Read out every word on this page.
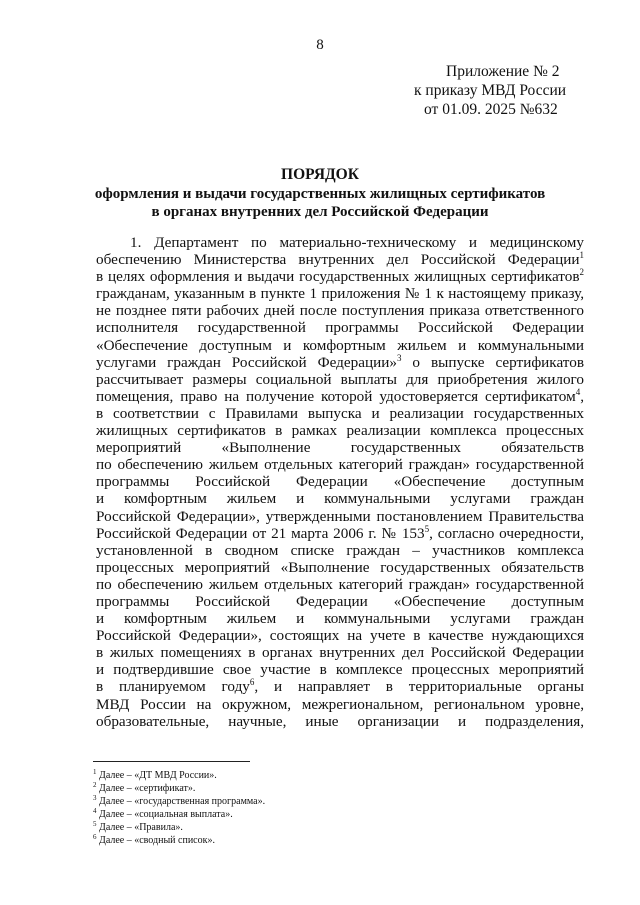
8
Приложение № 2
к приказу МВД России
от 01.09. 2025 №632
ПОРЯДОК
оформления и выдачи государственных жилищных сертификатов
в органах внутренних дел Российской Федерации
1. Департамент по материально-техническому и медицинскому
обеспечению Министерства внутренних дел Российской Федерации$^1$
в целях оформления и выдачи государственных жилищных сертификатов$^2$
гражданам, указанным в пункте 1 приложения № 1 к настоящему приказу,
не позднее пяти рабочих дней после поступления приказа ответственного
исполнителя государственной программы Российской Федерации
«Обеспечение доступным и комфортным жильем и коммунальными
услугами граждан Российской Федерации»$^3$ о выпуске сертификатов
рассчитывает размеры социальной выплаты для приобретения жилого
помещения, право на получение которой удостоверяется сертификатом$^4$,
в соответствии с Правилами выпуска и реализации государственных
жилищных сертификатов в рамках реализации комплекса процессных
мероприятий «Выполнение государственных обязательств
по обеспечению жильем отдельных категорий граждан» государственной
программы Российской Федерации «Обеспечение доступным
и комфортным жильем и коммунальными услугами граждан
Российской Федерации», утвержденными постановлением Правительства
Российской Федерации от 21 марта 2006 г. № $153^5$, согласно очередности,
установленной в сводном списке граждан – участников комплекса
процессных мероприятий «Выполнение государственных обязательств
по обеспечению жильем отдельных категорий граждан» государственной
программы Российской Федерации «Обеспечение доступным
и комфортным жильем и коммунальными услугами граждан
Российской Федерации», состоящих на учете в качестве нуждающихся
в жилых помещениях в органах внутренних дел Российской Федерации
и подтвердившие свое участие в комплексе процессных мероприятий
в планируемом году$^6$, и направляет в территориальные органы
МВД России на окружном, межрегиональном, региональном уровне,
образовательные, научные, иные организации и подразделения,
$^1$ Далее – «ДТ МВД России».
$^2$ Далее – «сертификат».
$^3$ Далее – «государственная программа».
$^4$ Далее – «социальная выплата».
$^5$ Далее – «Правила».
$^6$ Далее – «сводный список».
